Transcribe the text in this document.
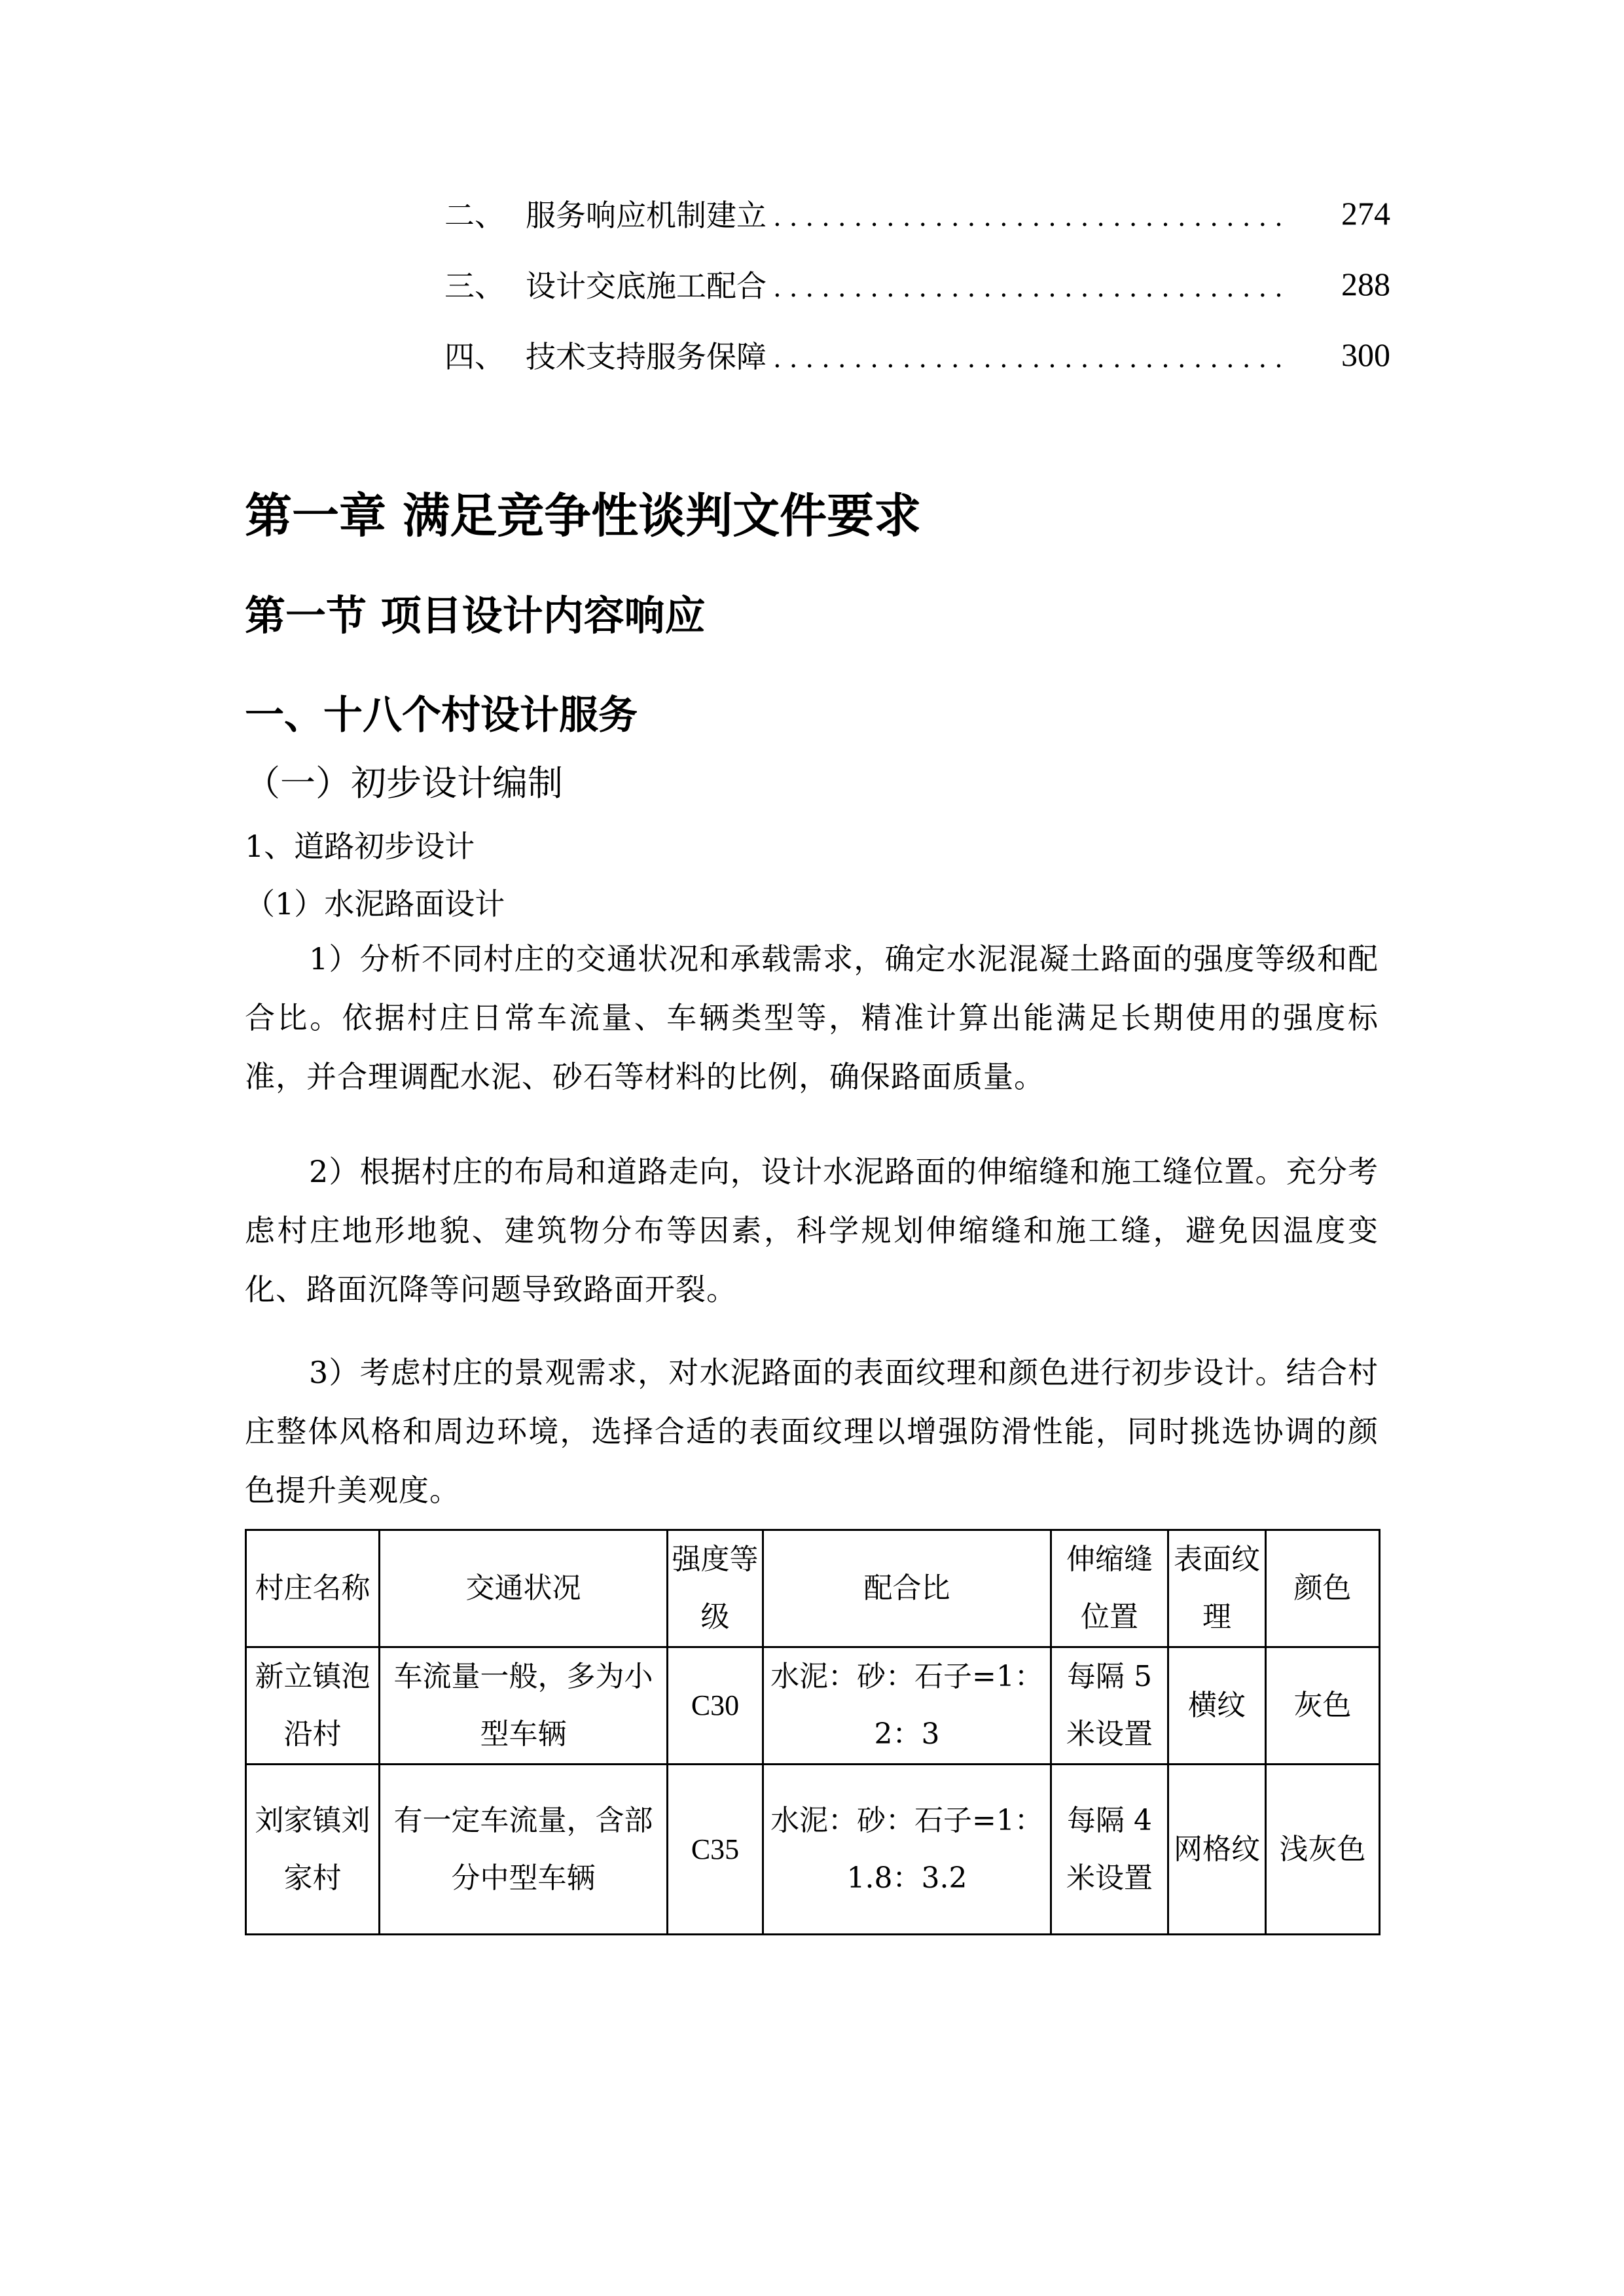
二、 服务响应机制建立 ................................	274
三、 设计交底施工配合 ................................	288
四、 技术支持服务保障 ................................	300
第一章 满足竞争性谈判文件要求
第一节 项目设计内容响应
一、十八个村设计服务
（一）初步设计编制
1、道路初步设计
（1）水泥路面设计

1）分析不同村庄的交通状况和承载需求，确定水泥混凝土路面的强度等级和配合比。依据村庄日常车流量、车辆类型等，精准计算出能满足长期使用的强度标准，并合理调配水泥、砂石等材料的比例，确保路面质量。

2）根据村庄的布局和道路走向，设计水泥路面的伸缩缝和施工缝位置。充分考虑村庄地形地貌、建筑物分布等因素，科学规划伸缩缝和施工缝，避免因温度变化、路面沉降等问题导致路面开裂。

3）考虑村庄的景观需求，对水泥路面的表面纹理和颜色进行初步设计。结合村庄整体风格和周边环境，选择合适的表面纹理以增强防滑性能，同时挑选协调的颜色提升美观度。

村庄名称	交通状况	强度等级	配合比	伸缩缝位置	表面纹理	颜色
新立镇泡沿村	车流量一般，多为小型车辆	C30	水泥：砂：石子=1：2：3	每隔 5 米设置	横纹	灰色
刘家镇刘家村	有一定车流量，含部分中型车辆	C35	水泥：砂：石子=1：1.8：3.2	每隔 4 米设置	网格纹	浅灰色
